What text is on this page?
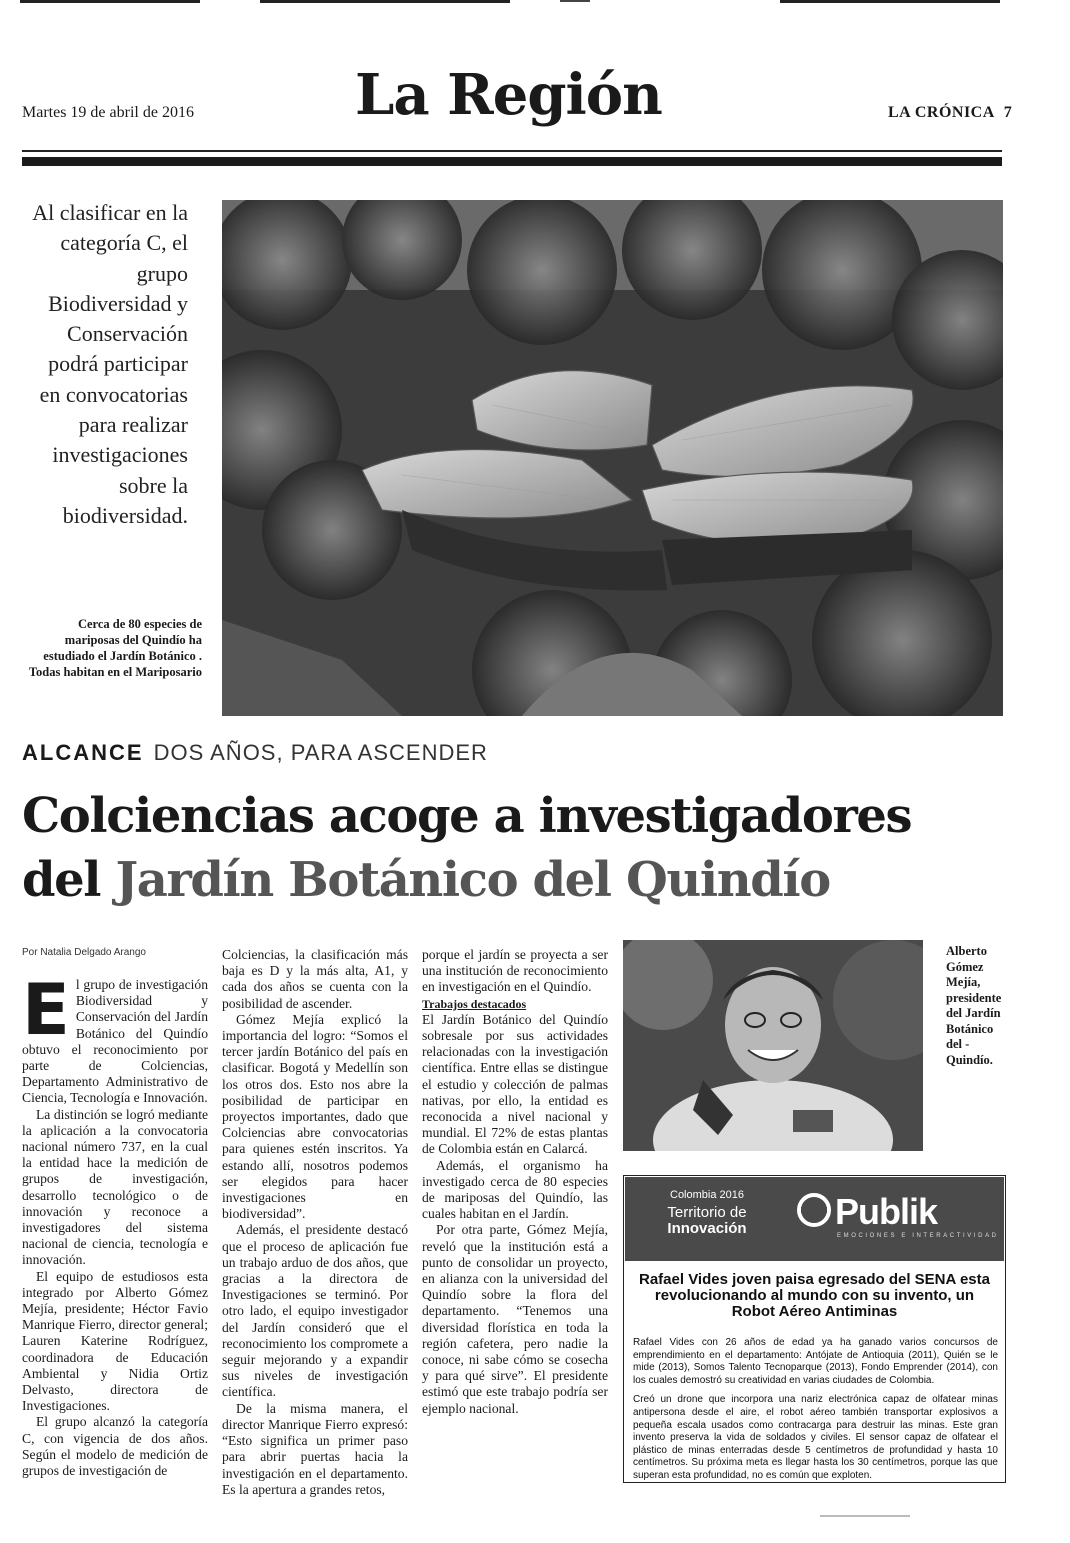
Martes 19 de abril de 2016	La Región	LA CRÓNICA 7
Al clasificar en la categoría C, el grupo Biodiversidad y Conservación podrá participar en convocatorias para realizar investigaciones sobre la biodiversidad.
Cerca de 80 especies de mariposas del Quindío ha estudiado el Jardín Botánico . Todas habitan en el Mariposario
ALCANCE DOS AÑOS, PARA ASCENDER
Colciencias acoge a investigadores
del Jardín Botánico del Quindío
Por Natalia Delgado Arango

El grupo de investigación Biodiversidad y Conservación del Jardín Botánico del Quindío obtuvo el reconocimiento por parte de Colciencias, Departamento Administrativo de Ciencia, Tecnología e Innovación.

La distinción se logró mediante la aplicación a la convocatoria nacional número 737, en la cual la entidad hace la medición de grupos de investigación, desarrollo tecnológico o de innovación y reconoce a investigadores del sistema nacional de ciencia, tecnología e innovación.

El equipo de estudiosos esta integrado por Alberto Gómez Mejía, presidente; Héctor Favio Manrique Fierro, director general; Lauren Katerine Rodríguez, coordinadora de Educación Ambiental y Nidia Ortiz Delvasto, directora de Investigaciones.

El grupo alcanzó la categoría C, con vigencia de dos años. Según el modelo de medición de grupos de investigación de

Colciencias, la clasificación más baja es D y la más alta, A1, y cada dos años se cuenta con la posibilidad de ascender.

Gómez Mejía explicó la importancia del logro: “Somos el tercer jardín Botánico del país en clasificar. Bogotá y Medellín son los otros dos. Esto nos abre la posibilidad de participar en proyectos importantes, dado que Colciencias abre convocatorias para quienes estén inscritos. Ya estando allí, nosotros podemos ser elegidos para hacer investigaciones en biodiversidad”.

Además, el presidente destacó que el proceso de aplicación fue un trabajo arduo de dos años, que gracias a la directora de Investigaciones se terminó. Por otro lado, el equipo investigador del Jardín consideró que el reconocimiento los compromete a seguir mejorando y a expandir sus niveles de investigación científica.

De la misma manera, el director Manrique Fierro expresó: “Esto significa un primer paso para abrir puertas hacia la investigación en el departamento. Es la apertura a grandes retos,

porque el jardín se proyecta a ser una institución de reconocimiento en investigación en el Quindío.

Trabajos destacados

El Jardín Botánico del Quindío sobresale por sus actividades relacionadas con la investigación científica. Entre ellas se distingue el estudio y colección de palmas nativas, por ello, la entidad es reconocida a nivel nacional y mundial. El 72% de estas plantas de Colombia están en Calarcá.

Además, el organismo ha investigado cerca de 80 especies de mariposas del Quindío, las cuales habitan en el Jardín.

Por otra parte, Gómez Mejía, reveló que la institución está a punto de consolidar un proyecto, en alianza con la universidad del Quindío sobre la flora del departamento. “Tenemos una diversidad florística en toda la región cafetera, pero nadie la conoce, ni sabe cómo se cosecha y para qué sirve”. El presidente estimó que este trabajo podría ser ejemplo nacional.

Alberto Gómez Mejía, presidente del Jardín Botánico del - Quindío.
Colombia 2016
Territorio de
Innovación	Publik
EMOCIONES E INTERACTIVIDAD
Rafael Vides joven paisa egresado del SENA esta revolucionando al mundo con su invento, un Robot Aéreo Antiminas

Rafael Vides con 26 años de edad ya ha ganado varios concursos de emprendimiento en el departamento: Antójate de Antioquia (2011), Quién se le mide (2013), Somos Talento Tecnoparque (2013), Fondo Emprender (2014), con los cuales demostró su creatividad en varias ciudades de Colombia.

Creó un drone que incorpora una nariz electrónica capaz de olfatear minas antipersona desde el aire, el robot aéreo también transportar explosivos a pequeña escala usados como contracarga para destruir las minas. Este gran invento preserva la vida de soldados y civiles. El sensor capaz de olfatear el plástico de minas enterradas desde 5 centímetros de profundidad y hasta 10 centímetros. Su próxima meta es llegar hasta los 30 centímetros, porque las que superan esta profundidad, no es común que exploten.
